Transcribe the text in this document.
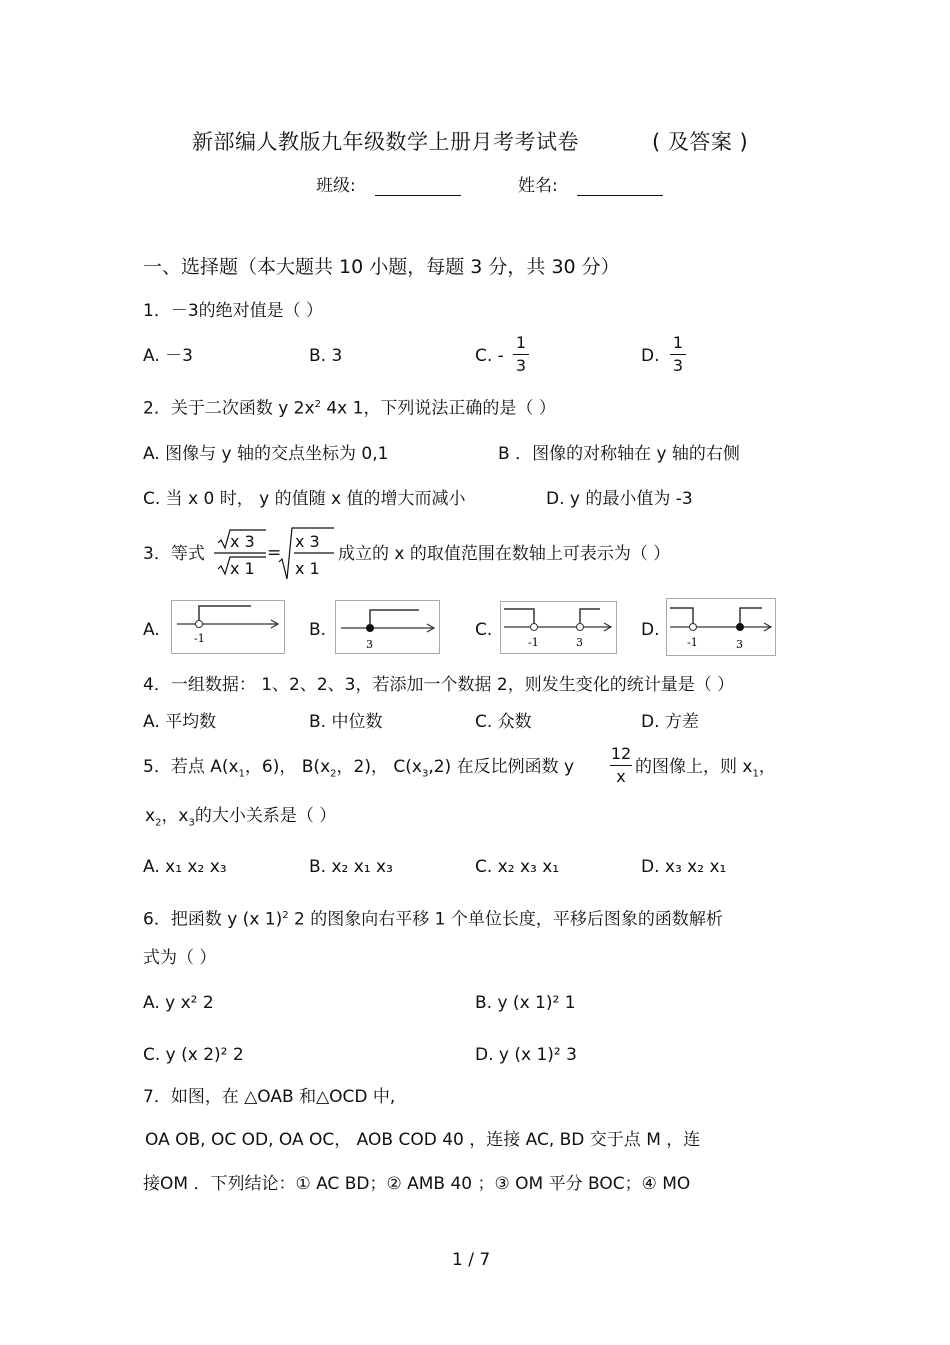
新部编人教版九年级数学上册月考考试卷	( 及答案 )
班级:	姓名:
一、选择题（本大题共 10 小题，每题 3 分，共 30 分）
1．－3的绝对值是（ ）
A. －3	B. 3	C. -
1
3	D.
1
3
2．关于二次函数 y $2x^2$ 4x 1，下列说法正确的是（ ）
A. 图像与 y 轴的交点坐标为 0,1	B ．图像的对称轴在 y 轴的右侧
C. 当 x 0 时， y 的值随 x 值的增大而减小	D. y 的最小值为 -3
3．等式
x 3
x 1
=
x 3
x 1
成立的 x 的取值范围在数轴上可表示为（ ）
A.	-1	B.
3
C.
-1	3
D.
-1	3
4．一组数据： 1、2、2、3，若添加一个数据 2，则发生变化的统计量是（ ）
A. 平均数	B. 中位数	C. 众数	D. 方差
5．若点 $A(x_1$，6)， $B(x_2$，2)， $C(x_3,2)$ 在反比例函数 y
12
x 的图像上，则 $x_1$，
$x_2$，$x_3$的大小关系是（ ）
A. x₁ x₂ x₃	B. x₂ x₁ x₃	C. x₂ x₃ x₁	D. x₃ x₂ x₁
6．把函数 y (x 1)$^2$ 2 的图象向右平移 1 个单位长度，平移后图象的函数解析
式为（ ）
A. y x² 2	B. y (x 1)² 1
C. y (x 2)² 2	D. y (x 1)² 3
7．如图，在 △OAB 和△OCD 中,
OA OB, OC OD, OA OC， AOB COD 40 ，连接 AC, BD 交于点 M ，连
接OM ．下列结论：① AC BD；② AMB 40 ；③ OM 平分 BOC；④ MO
1 / 7
